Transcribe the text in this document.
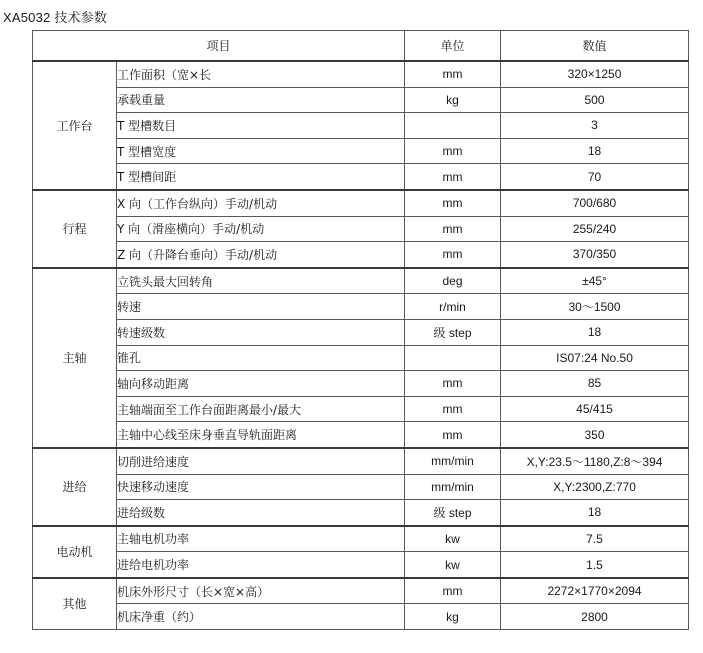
XA5032 技术参数
项目		单位	数值
工作台	工作面积（宽×长	mm	320×1250
	承载重量	kg	500
	T 型槽数目		3
	T 型槽宽度	mm	18
	T 型槽间距	mm	70
行程	X 向（工作台纵向）手动/机动	mm	700/680
	Y 向（滑座横向）手动/机动	mm	255/240
	Z 向（升降台垂向）手动/机动	mm	370/350
主轴	立铣头最大回转角	deg	±45°
	转速	r/min	30～1500
	转速级数	级 step	18
	锥孔		IS07:24 No.50
	轴向移动距离	mm	85
	主轴端面至工作台面距离最小/最大	mm	45/415
	主轴中心线至床身垂直导轨面距离	mm	350
进给	切削进给速度	mm/min	X,Y:23.5～1180,Z:8～394
	快速移动速度	mm/min	X,Y:2300,Z:770
	进给级数	级 step	18
电动机	主轴电机功率	kw	7.5
	进给电机功率	kw	1.5
其他	机床外形尺寸（长×宽×高）	mm	2272×1770×2094
	机床净重（约）	kg	2800
